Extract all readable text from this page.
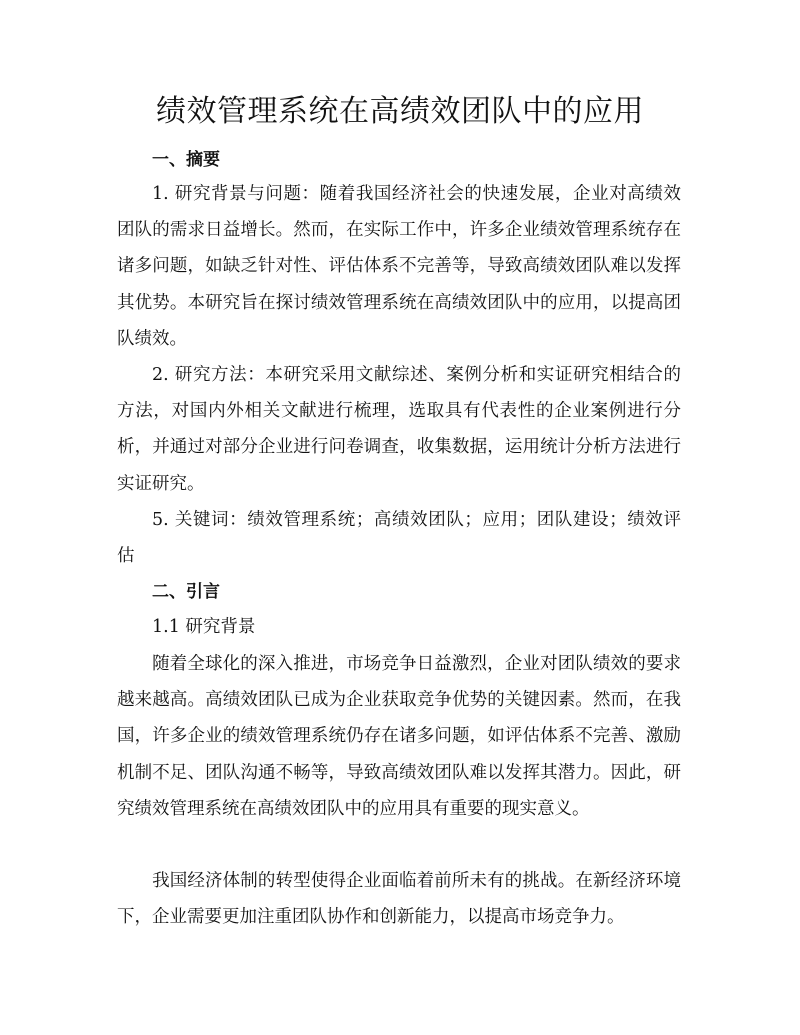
绩效管理系统在高绩效团队中的应用
一、摘要

1. 研究背景与问题：随着我国经济社会的快速发展，企业对高绩效团队的需求日益增长。然而，在实际工作中，许多企业绩效管理系统存在诸多问题，如缺乏针对性、评估体系不完善等，导致高绩效团队难以发挥其优势。本研究旨在探讨绩效管理系统在高绩效团队中的应用，以提高团队绩效。

2. 研究方法：本研究采用文献综述、案例分析和实证研究相结合的方法，对国内外相关文献进行梳理，选取具有代表性的企业案例进行分析，并通过对部分企业进行问卷调查，收集数据，运用统计分析方法进行实证研究。

5. 关键词：绩效管理系统；高绩效团队；应用；团队建设；绩效评估

二、引言

1.1 研究背景

随着全球化的深入推进，市场竞争日益激烈，企业对团队绩效的要求越来越高。高绩效团队已成为企业获取竞争优势的关键因素。然而，在我国，许多企业的绩效管理系统仍存在诸多问题，如评估体系不完善、激励机制不足、团队沟通不畅等，导致高绩效团队难以发挥其潜力。因此，研究绩效管理系统在高绩效团队中的应用具有重要的现实意义。

我国经济体制的转型使得企业面临着前所未有的挑战。在新经济环境下，企业需要更加注重团队协作和创新能力，以提高市场竞争力。
